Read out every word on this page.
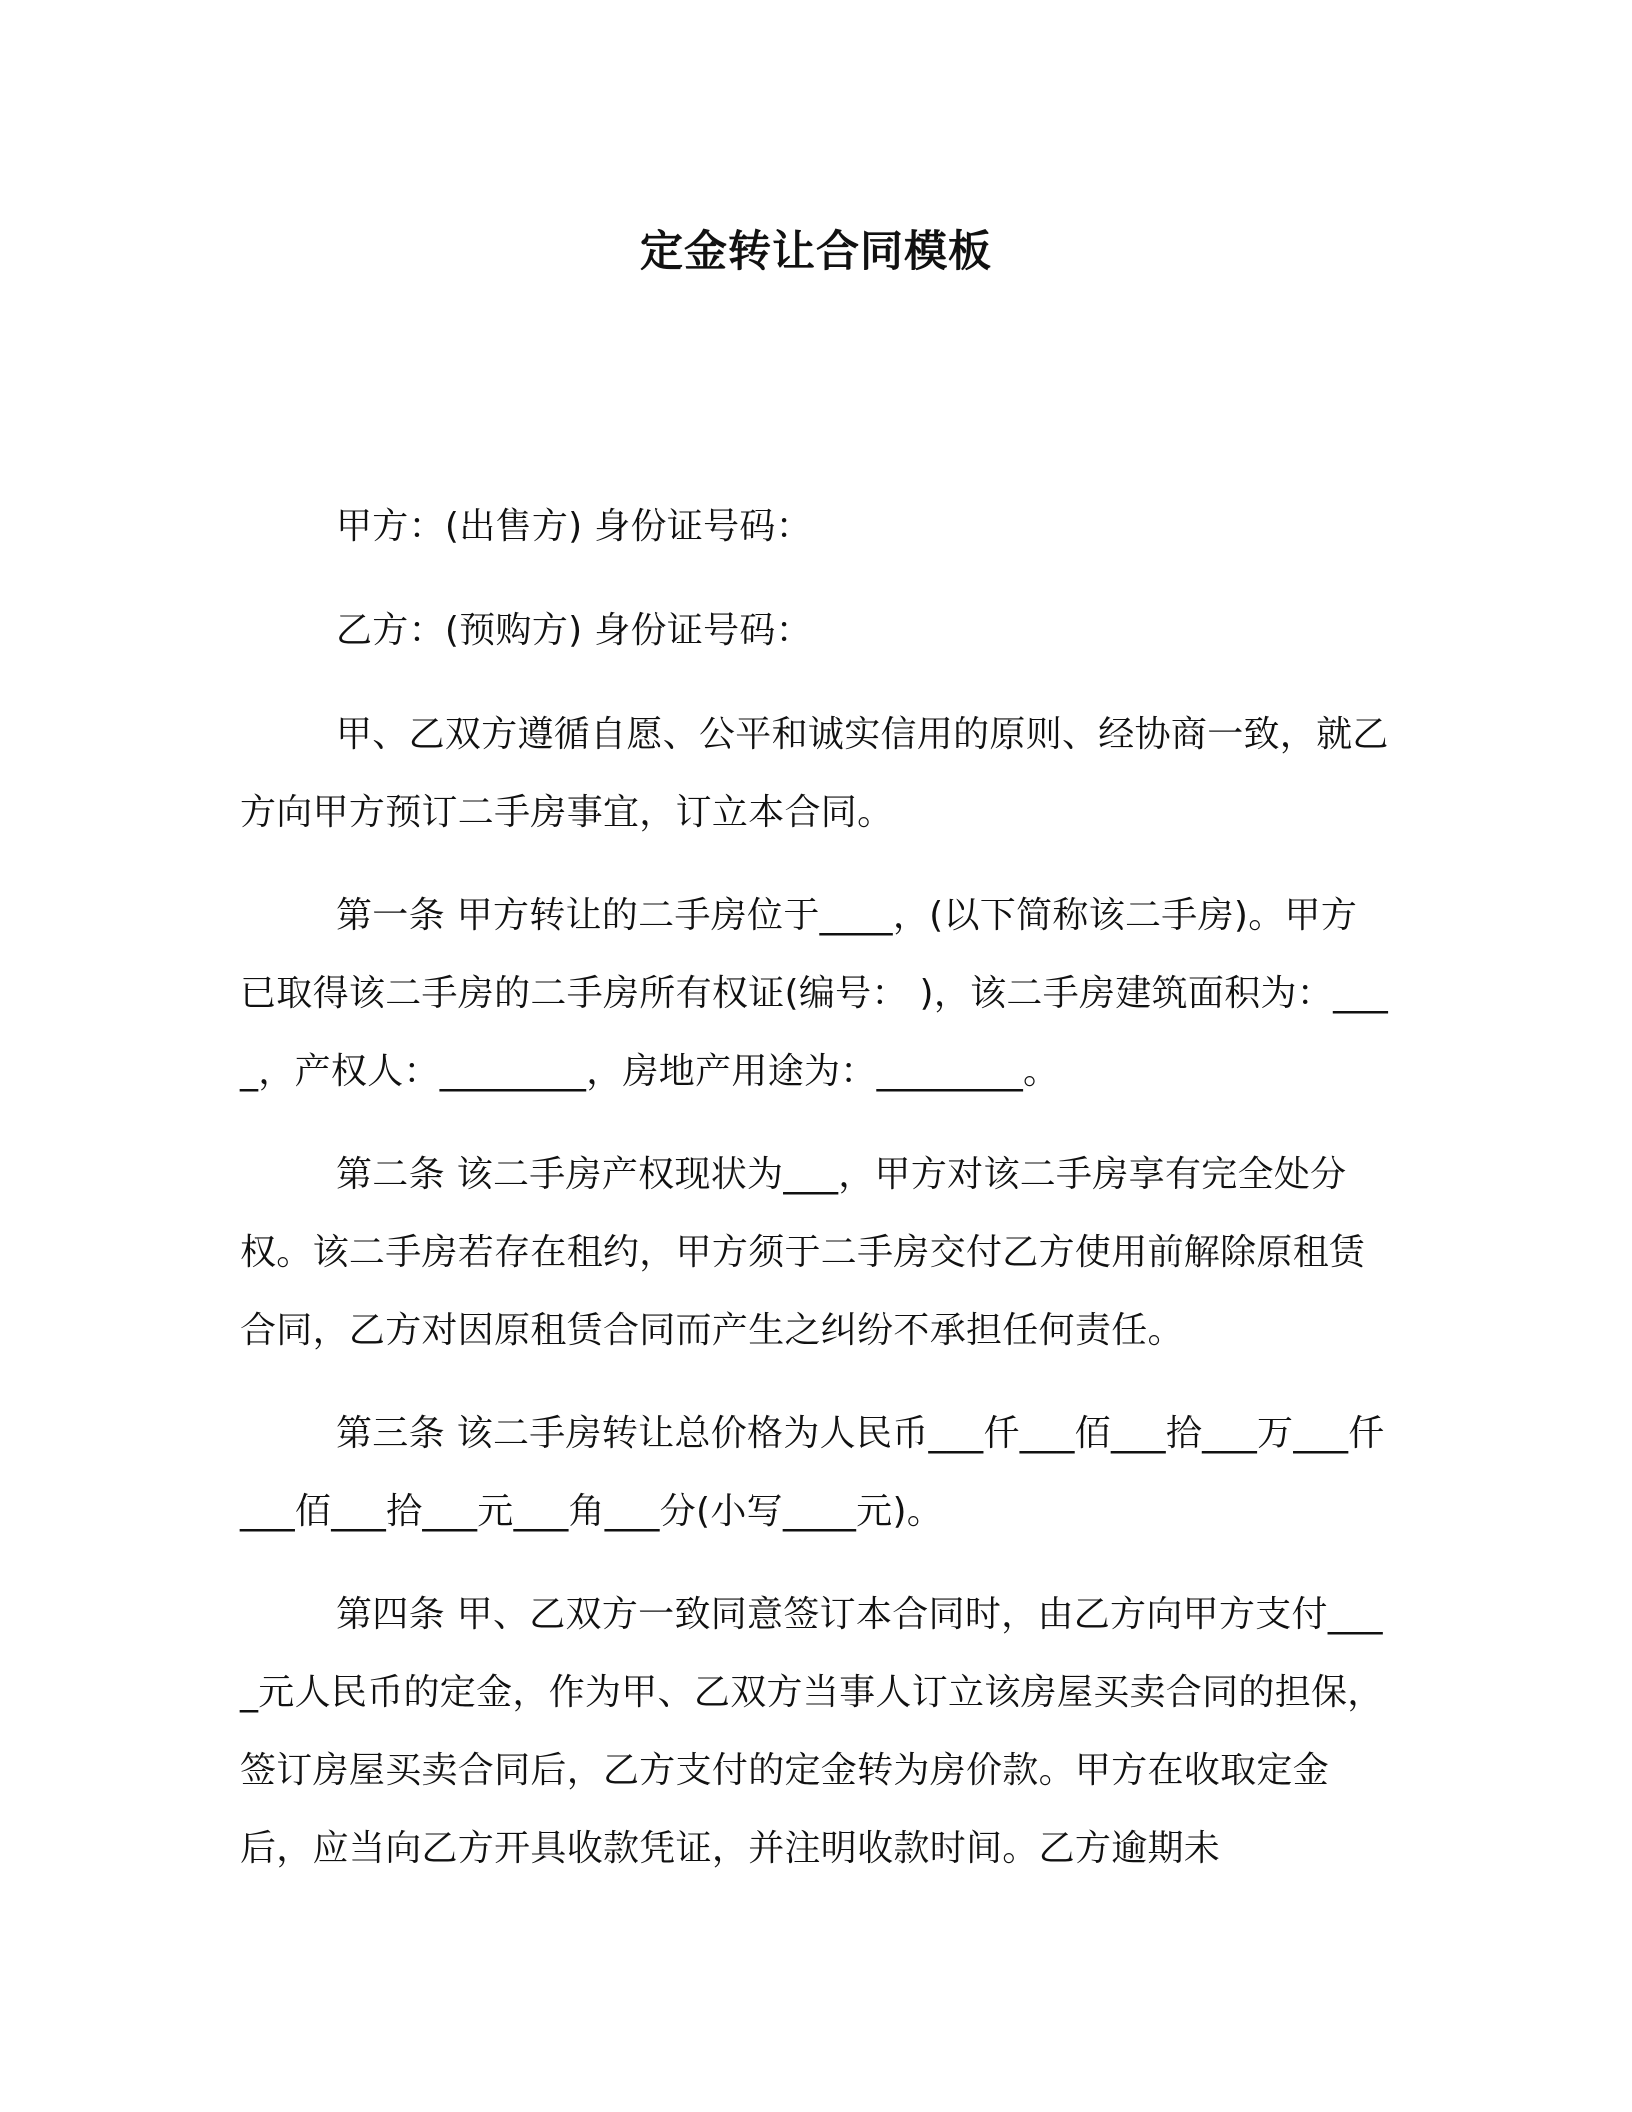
定金转让合同模板

甲方：(出售方) 身份证号码：

乙方：(预购方) 身份证号码：

甲、乙双方遵循自愿、公平和诚实信用的原则、经协商一致，就乙方向甲方预订二手房事宜，订立本合同。

第一条 甲方转让的二手房位于____，(以下简称该二手房)。甲方已取得该二手房的二手房所有权证(编号： )，该二手房建筑面积为：____，产权人：________，房地产用途为：________。

第二条 该二手房产权现状为___，甲方对该二手房享有完全处分权。该二手房若存在租约，甲方须于二手房交付乙方使用前解除原租赁合同，乙方对因原租赁合同而产生之纠纷不承担任何责任。

第三条 该二手房转让总价格为人民币___仟___佰___拾___万___仟___佰___拾___元___角___分(小写____元)。

第四条 甲、乙双方一致同意签订本合同时，由乙方向甲方支付____元人民币的定金，作为甲、乙双方当事人订立该房屋买卖合同的担保，签订房屋买卖合同后，乙方支付的定金转为房价款。甲方在收取定金后，应当向乙方开具收款凭证，并注明收款时间。乙方逾期未
